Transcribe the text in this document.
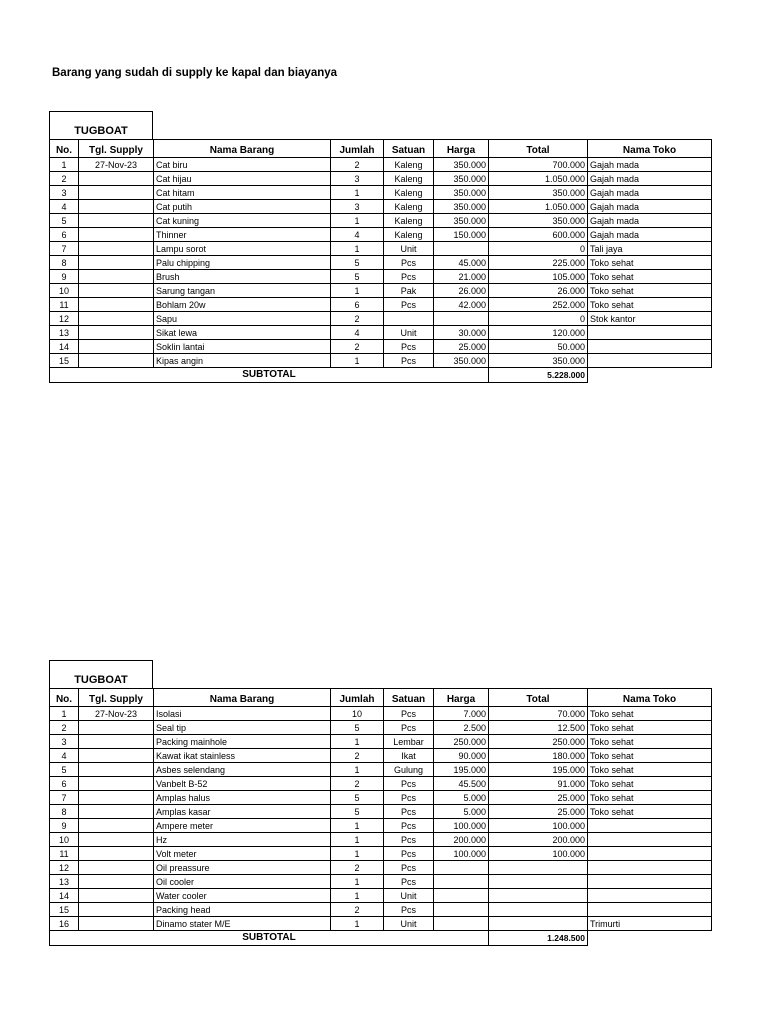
Barang yang sudah di supply ke kapal dan biayanya
TUGBOAT
No.	Tgl. Supply	Nama Barang	Jumlah	Satuan	Harga	Total	Nama Toko
1	27-Nov-23	Cat biru	2	Kaleng	350.000	700.000	Gajah mada
2		Cat hijau	3	Kaleng	350.000	1.050.000	Gajah mada
3		Cat hitam	1	Kaleng	350.000	350.000	Gajah mada
4		Cat putih	3	Kaleng	350.000	1.050.000	Gajah mada
5		Cat kuning	1	Kaleng	350.000	350.000	Gajah mada
6		Thinner	4	Kaleng	150.000	600.000	Gajah mada
7		Lampu sorot	1	Unit		0	Tali jaya
8		Palu chipping	5	Pcs	45.000	225.000	Toko sehat
9		Brush	5	Pcs	21.000	105.000	Toko sehat
10		Sarung tangan	1	Pak	26.000	26.000	Toko sehat
11		Bohlam 20w	6	Pcs	42.000	252.000	Toko sehat
12		Sapu	2			0	Stok kantor
13		Sikat lewa	4	Unit	30.000	120.000	
14		Soklin lantai	2	Pcs	25.000	50.000	
15		Kipas angin	1	Pcs	350.000	350.000	
SUBTOTAL						5.228.000	
TUGBOAT
No.	Tgl. Supply	Nama Barang	Jumlah	Satuan	Harga	Total	Nama Toko
1	27-Nov-23	Isolasi	10	Pcs	7.000	70.000	Toko sehat
2		Seal tip	5	Pcs	2.500	12.500	Toko sehat
3		Packing mainhole	1	Lembar	250.000	250.000	Toko sehat
4		Kawat ikat stainless	2	Ikat	90.000	180.000	Toko sehat
5		Asbes selendang	1	Gulung	195.000	195.000	Toko sehat
6		Vanbelt B-52	2	Pcs	45.500	91.000	Toko sehat
7		Amplas halus	5	Pcs	5.000	25.000	Toko sehat
8		Amplas kasar	5	Pcs	5.000	25.000	Toko sehat
9		Ampere meter	1	Pcs	100.000	100.000	
10		Hz	1	Pcs	200.000	200.000	
11		Volt meter	1	Pcs	100.000	100.000	
12		Oil preassure	2	Pcs			
13		Oil cooler	1	Pcs			
14		Water cooler	1	Unit			
15		Packing head	2	Pcs			
16		Dinamo stater M/E	1	Unit			Trimurti
SUBTOTAL						1.248.500	
